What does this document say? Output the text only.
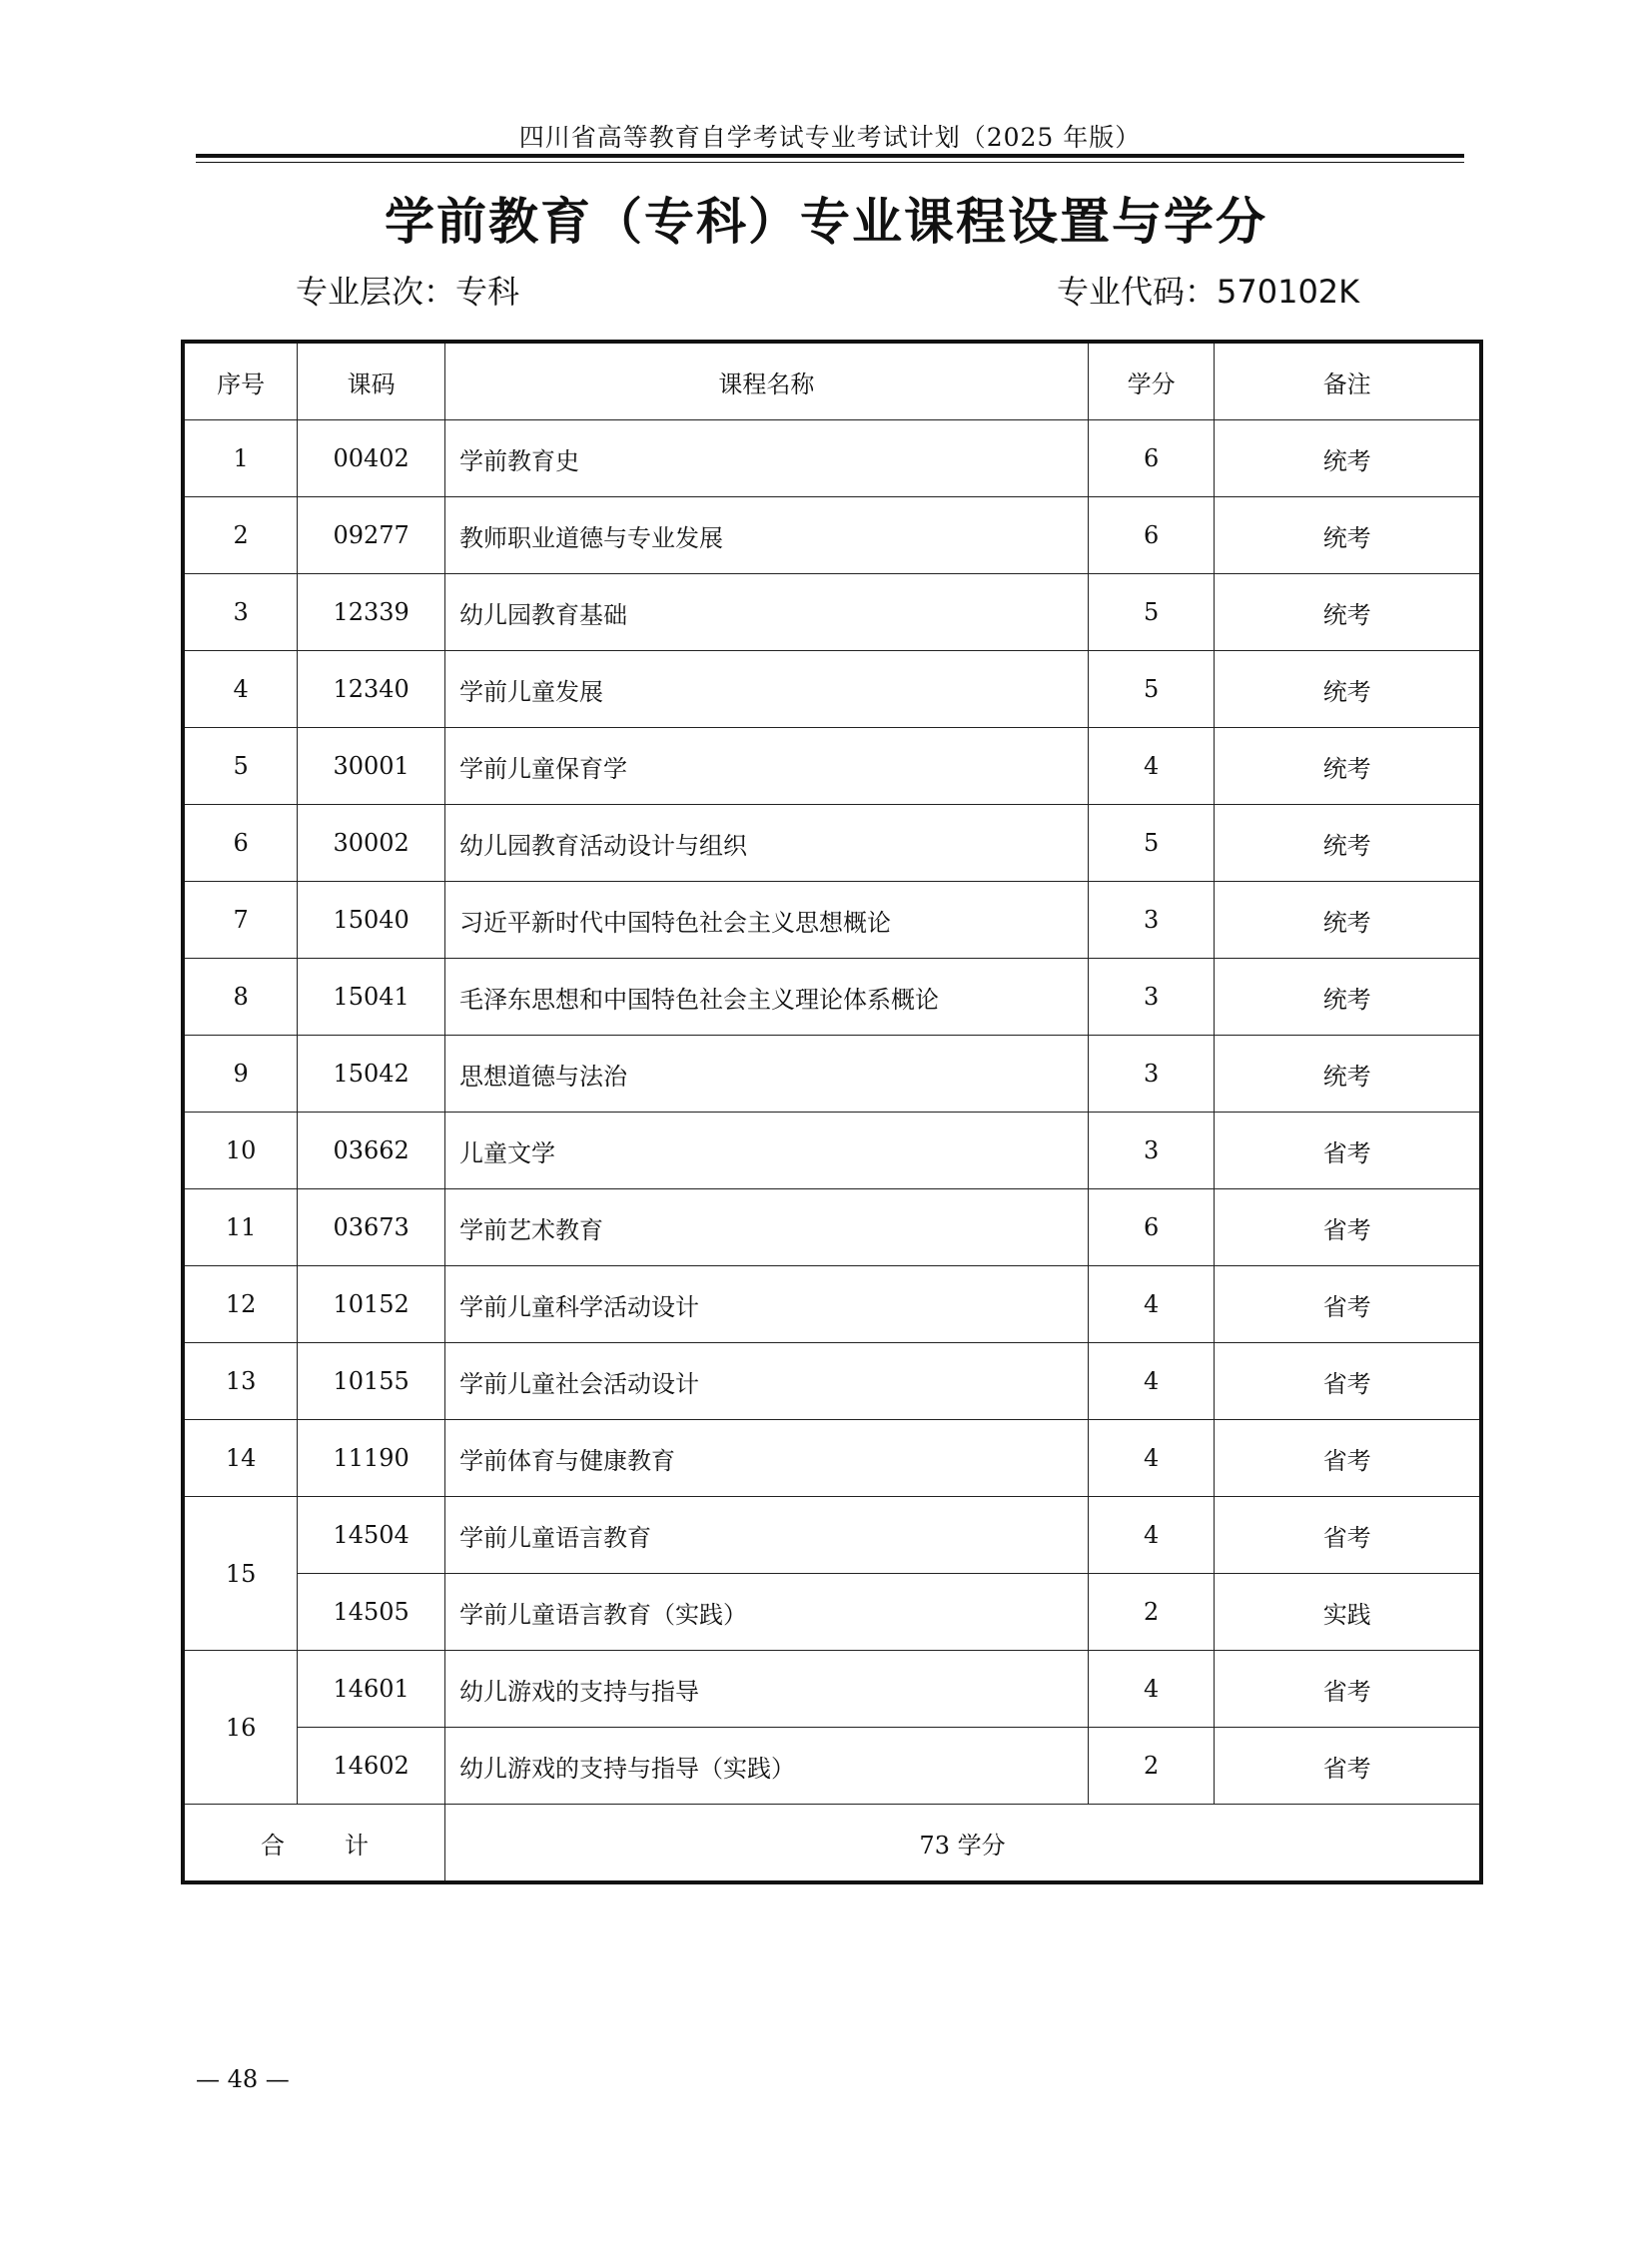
四川省高等教育自学考试专业考试计划（2025 年版）
学前教育（专科）专业课程设置与学分
专业层次：专科	专业代码：570102K
序号	课码	课程名称	学分	备注
1	00402	学前教育史	6	统考
2	09277	教师职业道德与专业发展	6	统考
3	12339	幼儿园教育基础	5	统考
4	12340	学前儿童发展	5	统考
5	30001	学前儿童保育学	4	统考
6	30002	幼儿园教育活动设计与组织	5	统考
7	15040	习近平新时代中国特色社会主义思想概论	3	统考
8	15041	毛泽东思想和中国特色社会主义理论体系概论	3	统考
9	15042	思想道德与法治	3	统考
10	03662	儿童文学	3	省考
11	03673	学前艺术教育	6	省考
12	10152	学前儿童科学活动设计	4	省考
13	10155	学前儿童社会活动设计	4	省考
14	11190	学前体育与健康教育	4	省考
15	14504	学前儿童语言教育	4	省考
	14505	学前儿童语言教育（实践）	2	实践
16	14601	幼儿游戏的支持与指导	4	省考
	14602	幼儿游戏的支持与指导（实践）	2	省考
合计		73 学分		
— 48 —
